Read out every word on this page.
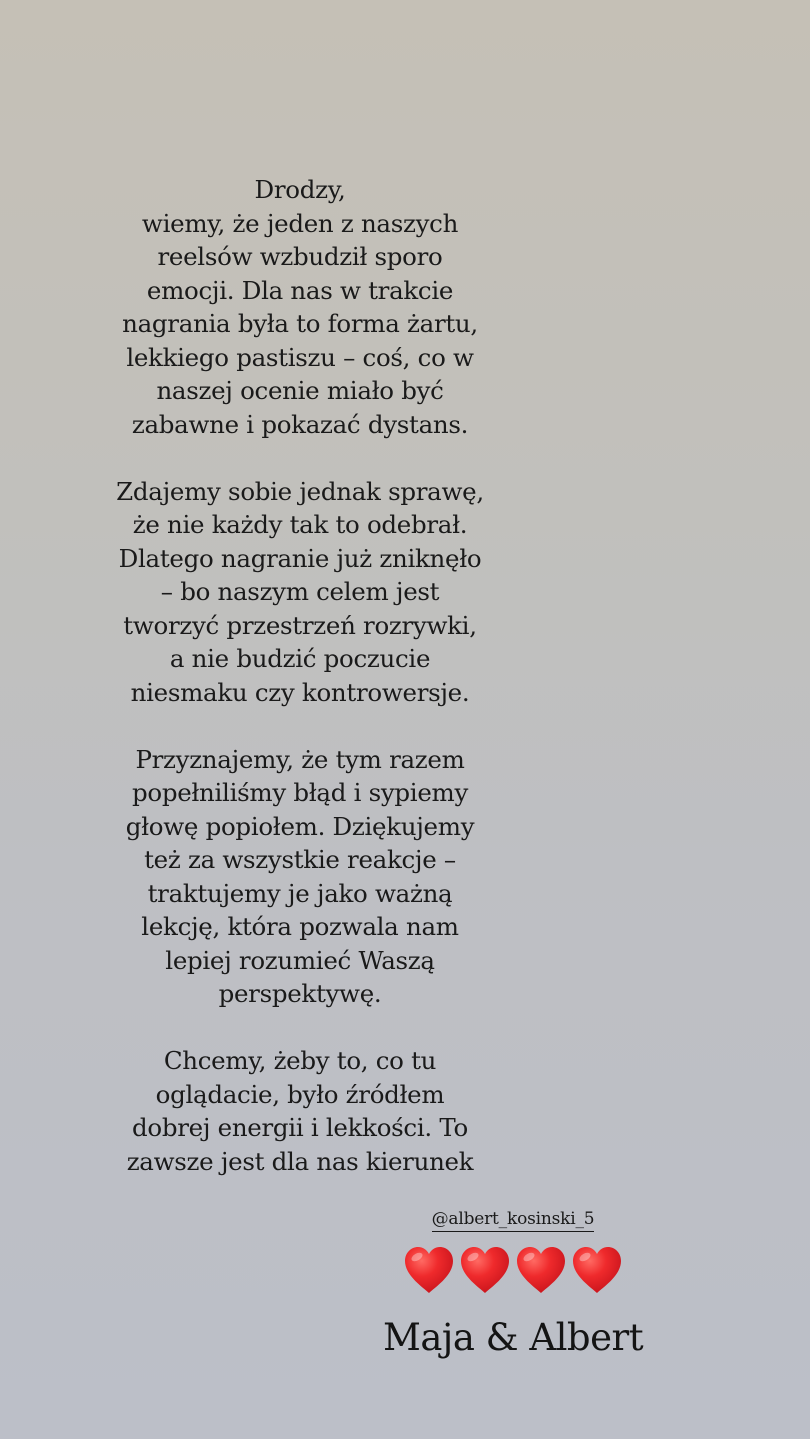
Drodzy,
wiemy, że jeden z naszych
reelsów wzbudził sporo
emocji. Dla nas w trakcie
nagrania była to forma żartu,
lekkiego pastiszu – coś, co w
naszej ocenie miało być
zabawne i pokazać dystans.

Zdajemy sobie jednak sprawę,
że nie każdy tak to odebrał.
Dlatego nagranie już zniknęło
– bo naszym celem jest
tworzyć przestrzeń rozrywki,
a nie budzić poczucie
niesmaku czy kontrowersje.

Przyznajemy, że tym razem
popełniliśmy błąd i sypiemy
głowę popiołem. Dziękujemy
też za wszystkie reakcje –
traktujemy je jako ważną
lekcję, która pozwala nam
lepiej rozumieć Waszą
perspektywę.

Chcemy, żeby to, co tu
oglądacie, było źródłem
dobrej energii i lekkości. To
zawsze jest dla nas kierunek

@albert_kosinski_5
Maja & Albert
